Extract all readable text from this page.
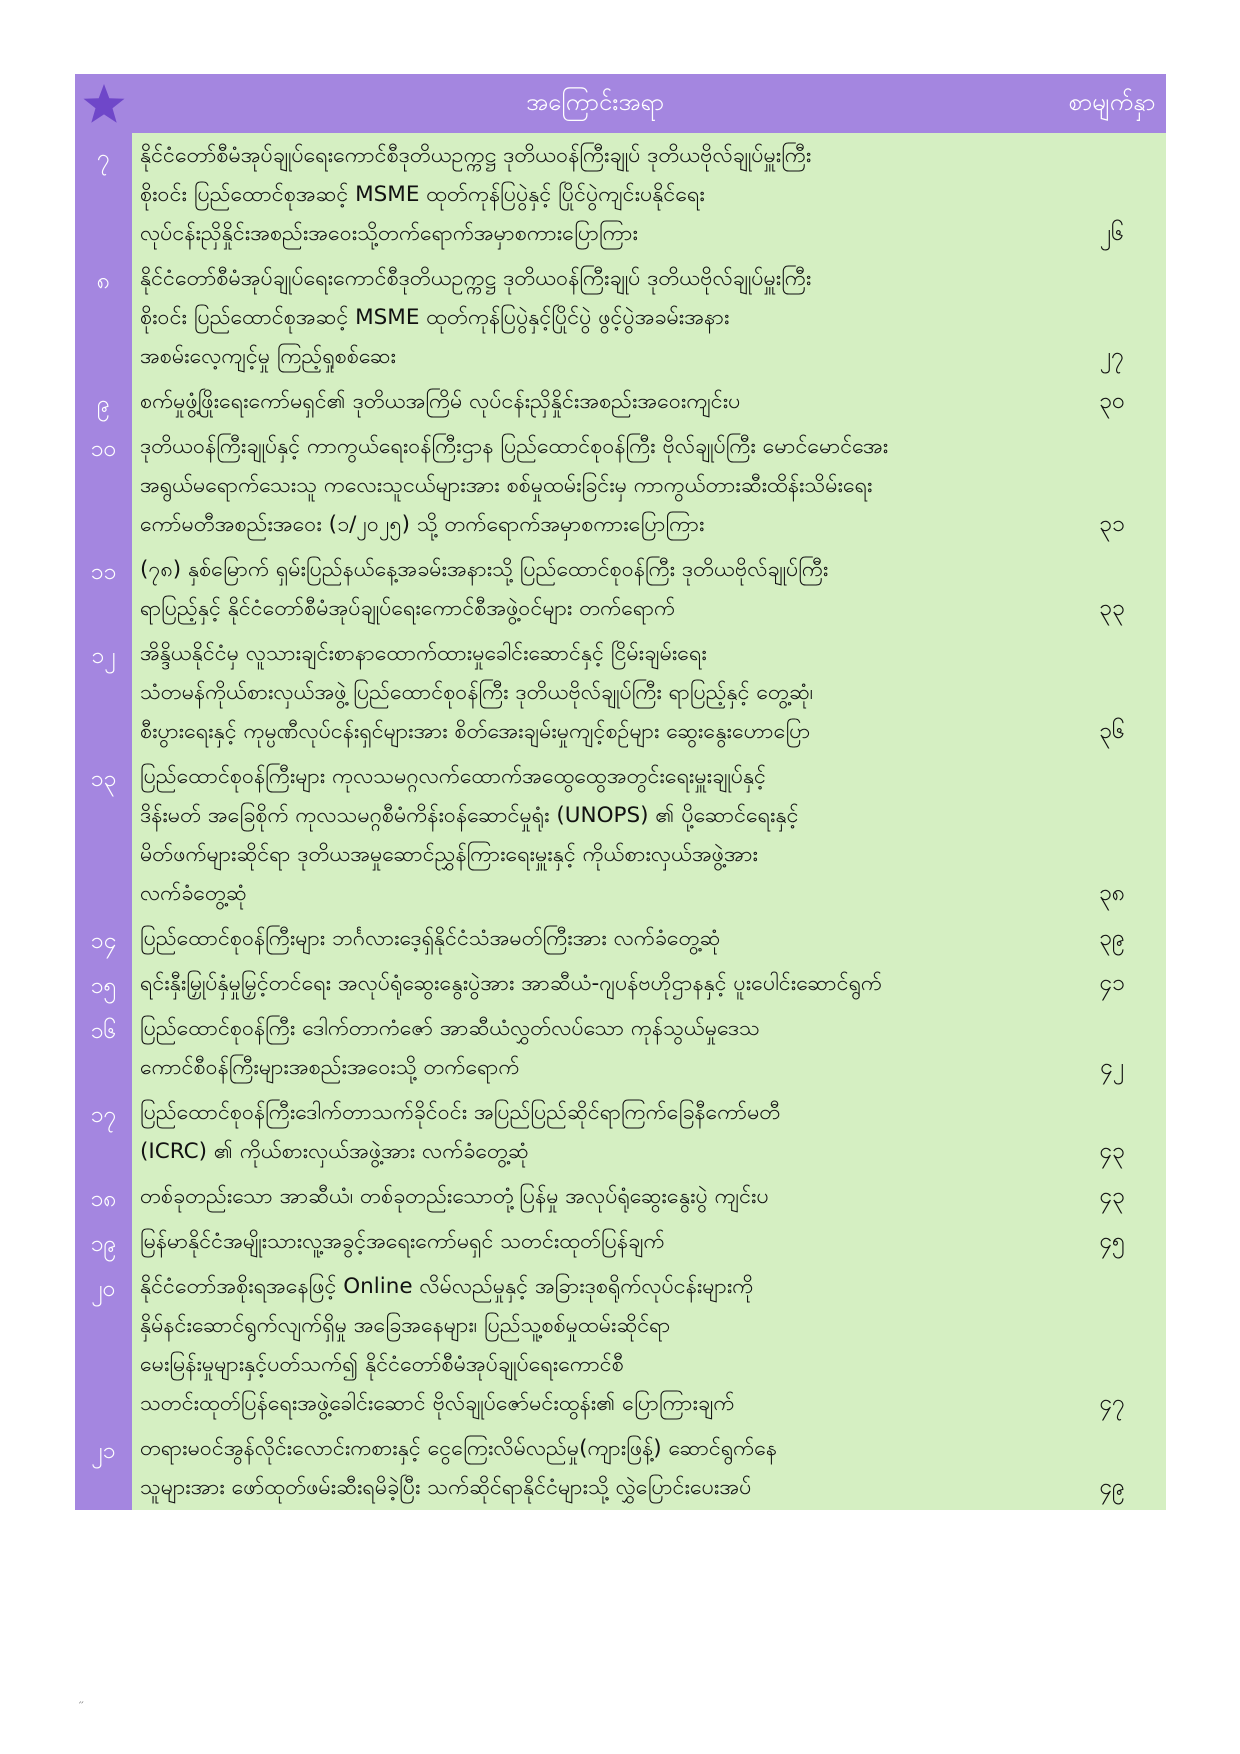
	အကြောင်းအရာ	စာမျက်နှာ
၇	နိုင်ငံတော်စီမံအုပ်ချုပ်ရေးကောင်စီဒုတိယဥက္ကဋ္ဌ ဒုတိယဝန်ကြီးချုပ် ဒုတိယဗိုလ်ချုပ်မှူးကြီး
စိုးဝင်း ပြည်ထောင်စုအဆင့် MSME ထုတ်ကုန်ပြပွဲနှင့် ပြိုင်ပွဲကျင်းပနိုင်ရေး
လုပ်ငန်းညှိနှိုင်းအစည်းအဝေးသို့တက်ရောက်အမှာစကားပြောကြား	၂၆
၈	နိုင်ငံတော်စီမံအုပ်ချုပ်ရေးကောင်စီဒုတိယဥက္ကဋ္ဌ ဒုတိယဝန်ကြီးချုပ် ဒုတိယဗိုလ်ချုပ်မှူးကြီး
စိုးဝင်း ပြည်ထောင်စုအဆင့် MSME ထုတ်ကုန်ပြပွဲနှင့်ပြိုင်ပွဲ ဖွင့်ပွဲအခမ်းအနား
အစမ်းလေ့ကျင့်မှု ကြည့်ရှုစစ်ဆေး	၂၇
၉	စက်မှုဖွံ့ဖြိုးရေးကော်မရှင်၏ ဒုတိယအကြိမ် လုပ်ငန်းညှိနှိုင်းအစည်းအဝေးကျင်းပ	၃၀
၁၀	ဒုတိယဝန်ကြီးချုပ်နှင့် ကာကွယ်ရေးဝန်ကြီးဌာန ပြည်ထောင်စုဝန်ကြီး ဗိုလ်ချုပ်ကြီး မောင်မောင်အေး
အရွယ်မရောက်သေးသူ ကလေးသူငယ်များအား စစ်မှုထမ်းခြင်းမှ ကာကွယ်တားဆီးထိန်းသိမ်းရေး
ကော်မတီအစည်းအဝေး (၁/၂၀၂၅) သို့ တက်ရောက်အမှာစကားပြောကြား	၃၁
၁၁	(၇၈) နှစ်မြောက် ရှမ်းပြည်နယ်နေ့အခမ်းအနားသို့ ပြည်ထောင်စုဝန်ကြီး ဒုတိယဗိုလ်ချုပ်ကြီး
ရာပြည့်နှင့် နိုင်ငံတော်စီမံအုပ်ချုပ်ရေးကောင်စီအဖွဲ့ဝင်များ တက်ရောက်	၃၃
၁၂	အိန္ဒိယနိုင်ငံမှ လူသားချင်းစာနာထောက်ထားမှုခေါင်းဆောင်နှင့် ငြိမ်းချမ်းရေး
သံတမန်ကိုယ်စားလှယ်အဖွဲ့ ပြည်ထောင်စုဝန်ကြီး ဒုတိယဗိုလ်ချုပ်ကြီး ရာပြည့်နှင့် တွေ့ဆုံ၊
စီးပွားရေးနှင့် ကုမ္ပဏီလုပ်ငန်းရှင်များအား စိတ်အေးချမ်းမှုကျင့်စဉ်များ ဆွေးနွေးဟောပြော	၃၆
၁၃	ပြည်ထောင်စုဝန်ကြီးများ ကုလသမဂ္ဂလက်ထောက်အထွေထွေအတွင်းရေးမှူးချုပ်နှင့်
ဒိန်းမတ် အခြေစိုက် ကုလသမဂ္ဂစီမံကိန်းဝန်ဆောင်မှုရုံး (UNOPS) ၏ ပို့ဆောင်ရေးနှင့်
မိတ်ဖက်များဆိုင်ရာ ဒုတိယအမှုဆောင်ညွှန်ကြားရေးမှူးနှင့် ကိုယ်စားလှယ်အဖွဲ့အား
လက်ခံတွေ့ဆုံ	၃၈
၁၄	ပြည်ထောင်စုဝန်ကြီးများ ဘင်္ဂလားဒေ့ရှ်နိုင်ငံသံအမတ်ကြီးအား လက်ခံတွေ့ဆုံ	၃၉
၁၅	ရင်းနှီးမြှုပ်နှံမှုမြှင့်တင်ရေး အလုပ်ရုံဆွေးနွေးပွဲအား အာဆီယံ-ဂျပန်ဗဟိုဌာနနှင့် ပူးပေါင်းဆောင်ရွက်	၄၁
၁၆	ပြည်ထောင်စုဝန်ကြီး ဒေါက်တာကံဇော် အာဆီယံလွှတ်လပ်သော ကုန်သွယ်မှုဒေသ
ကောင်စီဝန်ကြီးများအစည်းအဝေးသို့ တက်ရောက်	၄၂
၁၇	ပြည်ထောင်စုဝန်ကြီးဒေါက်တာသက်ခိုင်ဝင်း အပြည်ပြည်ဆိုင်ရာကြက်ခြေနီကော်မတီ
(ICRC) ၏ ကိုယ်စားလှယ်အဖွဲ့အား လက်ခံတွေ့ဆုံ	၄၃
၁၈	တစ်ခုတည်းသော အာဆီယံ၊ တစ်ခုတည်းသောတုံ့ပြန်မှု အလုပ်ရုံဆွေးနွေးပွဲ ကျင်းပ	၄၃
၁၉	မြန်မာနိုင်ငံအမျိုးသားလူ့အခွင့်အရေးကော်မရှင် သတင်းထုတ်ပြန်ချက်	၄၅
၂၀	နိုင်ငံတော်အစိုးရအနေဖြင့် Online လိမ်လည်မှုနှင့် အခြားဒုစရိုက်လုပ်ငန်းများကို
နှိမ်နင်းဆောင်ရွက်လျက်ရှိမှု အခြေအနေများ၊ ပြည်သူ့စစ်မှုထမ်းဆိုင်ရာ
မေးမြန်းမှုများနှင့်ပတ်သက်၍ နိုင်ငံတော်စီမံအုပ်ချုပ်ရေးကောင်စီ
သတင်းထုတ်ပြန်ရေးအဖွဲ့ခေါင်းဆောင် ဗိုလ်ချုပ်ဇော်မင်းထွန်း၏ ပြောကြားချက်	၄၇
၂၁	တရားမဝင်အွန်လိုင်းလောင်းကစားနှင့် ငွေကြေးလိမ်လည်မှု(ကျားဖြန့်) ဆောင်ရွက်နေ
သူများအား ဖော်ထုတ်ဖမ်းဆီးရမိခဲ့ပြီး သက်ဆိုင်ရာနိုင်ငံများသို့ လွှဲပြောင်းပေးအပ်	၄၉
״
